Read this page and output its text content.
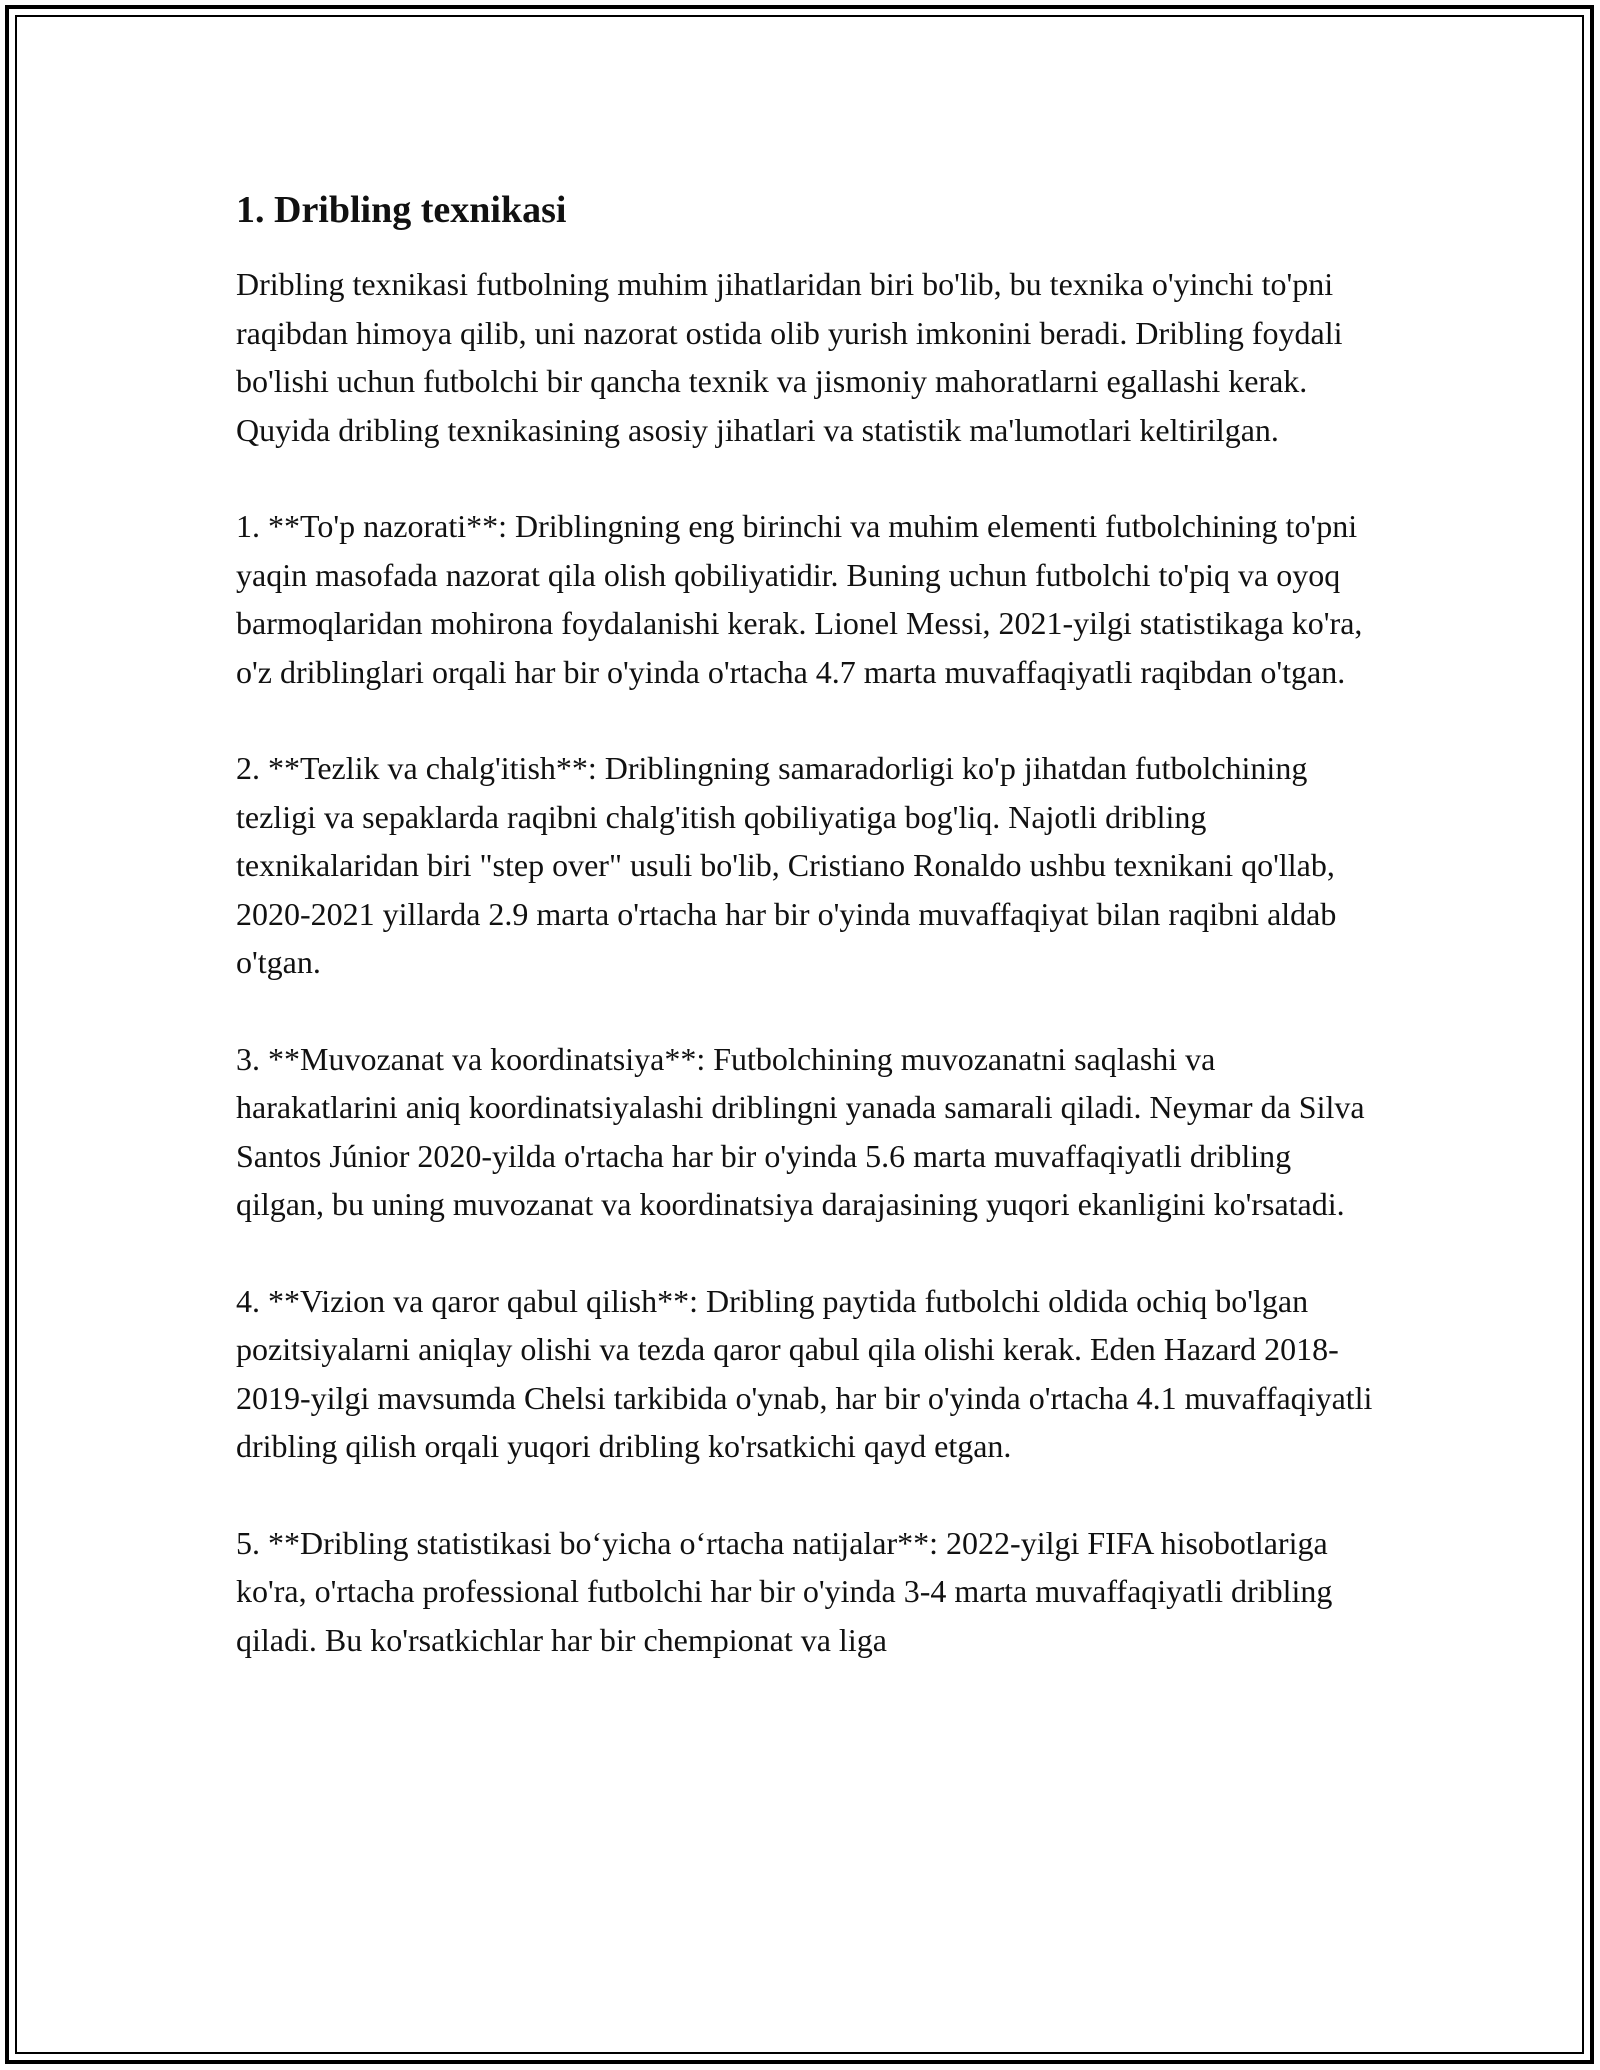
1. Dribling texnikasi

Dribling texnikasi futbolning muhim jihatlaridan biri bo'lib, bu texnika o'yinchi to'pni raqibdan himoya qilib, uni nazorat ostida olib yurish imkonini beradi. Dribling foydali bo'lishi uchun futbolchi bir qancha texnik va jismoniy mahoratlarni egallashi kerak. Quyida dribling texnikasining asosiy jihatlari va statistik ma'lumotlari keltirilgan.

1. **To'p nazorati**: Driblingning eng birinchi va muhim elementi futbolchining to'pni yaqin masofada nazorat qila olish qobiliyatidir. Buning uchun futbolchi to'piq va oyoq barmoqlaridan mohirona foydalanishi kerak. Lionel Messi, 2021-yilgi statistikaga ko'ra, o'z driblinglari orqali har bir o'yinda o'rtacha 4.7 marta muvaffaqiyatli raqibdan o'tgan.

2. **Tezlik va chalg'itish**: Driblingning samaradorligi ko'p jihatdan futbolchining tezligi va sepaklarda raqibni chalg'itish qobiliyatiga bog'liq. Najotli dribling texnikalaridan biri "step over" usuli bo'lib, Cristiano Ronaldo ushbu texnikani qo'llab, 2020-2021 yillarda 2.9 marta o'rtacha har bir o'yinda muvaffaqiyat bilan raqibni aldab o'tgan.

3. **Muvozanat va koordinatsiya**: Futbolchining muvozanatni saqlashi va harakatlarini aniq koordinatsiyalashi driblingni yanada samarali qiladi. Neymar da Silva Santos Júnior 2020-yilda o'rtacha har bir o'yinda 5.6 marta muvaffaqiyatli dribling qilgan, bu uning muvozanat va koordinatsiya darajasining yuqori ekanligini ko'rsatadi.

4. **Vizion va qaror qabul qilish**: Dribling paytida futbolchi oldida ochiq bo'lgan pozitsiyalarni aniqlay olishi va tezda qaror qabul qila olishi kerak. Eden Hazard 2018-2019-yilgi mavsumda Chelsi tarkibida o'ynab, har bir o'yinda o'rtacha 4.1 muvaffaqiyatli dribling qilish orqali yuqori dribling ko'rsatkichi qayd etgan.

5. **Dribling statistikasi bo‘yicha o‘rtacha natijalar**: 2022-yilgi FIFA hisobotlariga ko'ra, o'rtacha professional futbolchi har bir o'yinda 3-4 marta muvaffaqiyatli dribling qiladi. Bu ko'rsatkichlar har bir chempionat va liga
